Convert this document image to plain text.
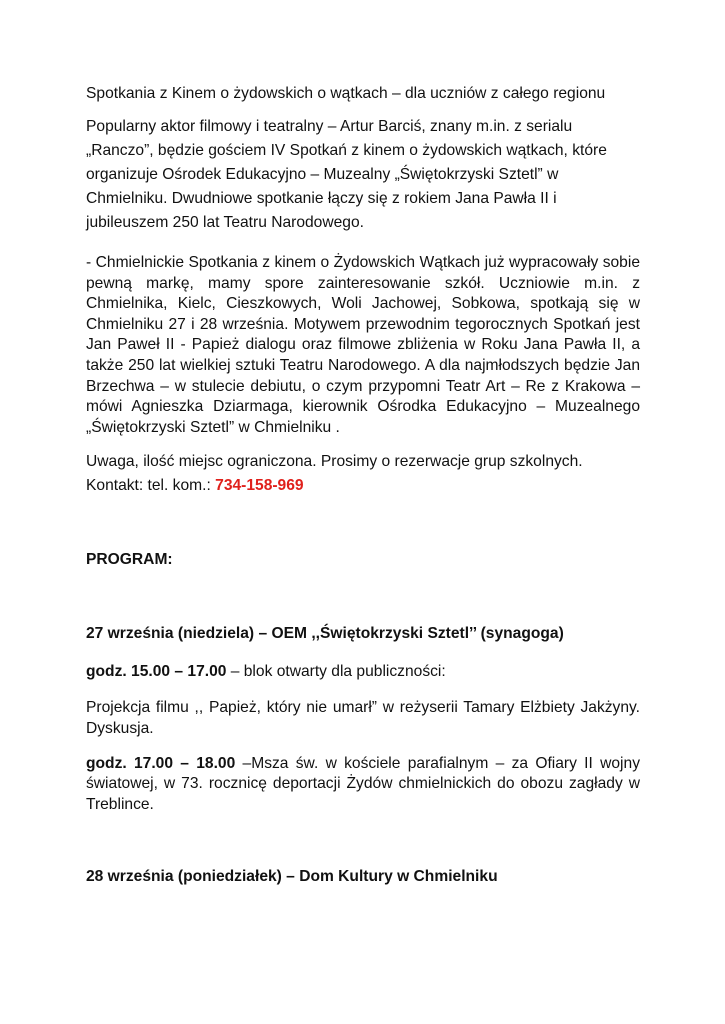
Spotkania z Kinem o żydowskich o wątkach – dla uczniów z całego regionu

Popularny aktor filmowy i teatralny – Artur Barciś, znany m.in. z serialu „Ranczo”, będzie gościem IV Spotkań z kinem o żydowskich wątkach, które organizuje Ośrodek Edukacyjno – Muzealny „Świętokrzyski Sztetl” w Chmielniku. Dwudniowe spotkanie łączy się z rokiem Jana Pawła II i jubileuszem 250 lat Teatru Narodowego.

- Chmielnickie Spotkania z kinem o Żydowskich Wątkach już wypracowały sobie pewną markę, mamy spore zainteresowanie szkół. Uczniowie m.in. z Chmielnika, Kielc, Cieszkowych, Woli Jachowej, Sobkowa, spotkają się w Chmielniku 27 i 28 września. Motywem przewodnim tegorocznych Spotkań jest Jan Paweł II - Papież dialogu oraz filmowe zbliżenia w Roku Jana Pawła II, a także 250 lat wielkiej sztuki Teatru Narodowego. A dla najmłodszych będzie Jan Brzechwa – w stulecie debiutu, o czym przypomni Teatr Art – Re z Krakowa – mówi Agnieszka Dziarmaga, kierownik Ośrodka Edukacyjno – Muzealnego „Świętokrzyski Sztetl” w Chmielniku .

Uwaga, ilość miejsc ograniczona. Prosimy o rezerwacje grup szkolnych. Kontakt: tel. kom.: 734-158-969

PROGRAM:

27 września (niedziela) – OEM ,,Świętokrzyski Sztetl’’ (synagoga)

godz. 15.00 – 17.00 – blok otwarty dla publiczności:

Projekcja filmu ,, Papież, który nie umarł” w reżyserii Tamary Elżbiety Jakżyny. Dyskusja.

godz. 17.00 – 18.00 –Msza św. w kościele parafialnym – za Ofiary II wojny światowej, w 73. rocznicę deportacji Żydów chmielnickich do obozu zagłady w Treblince.

28 września (poniedziałek) – Dom Kultury w Chmielniku
